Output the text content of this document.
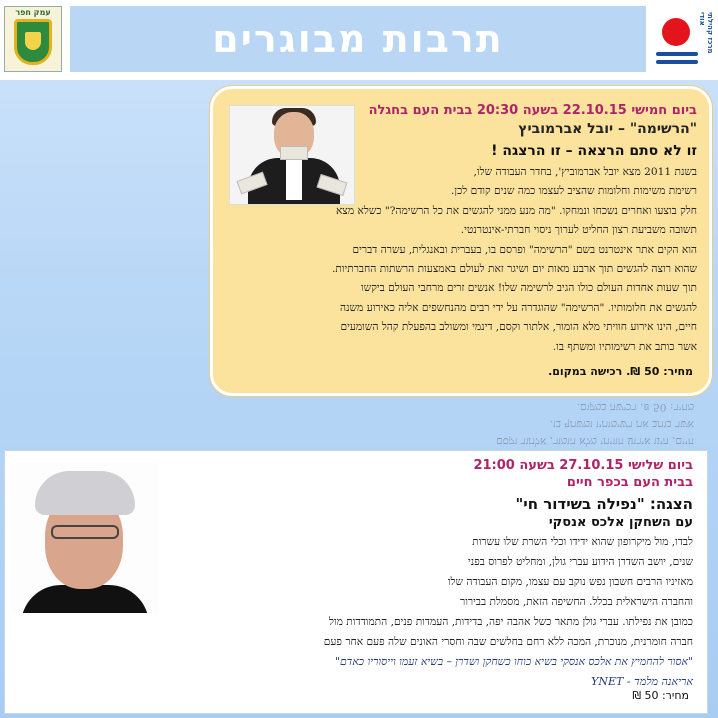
עמק חפר
תרבות מבוגרים	מרכז קהילתי אודי
ביום חמישי 22.10.15 בשעה 20:30 בבית העם בחגלה
"הרשימה" – יובל אברמוביץ
זו לא סתם הרצאה – זו הרצגה !
בשנת 2011 מצא יובל אברמוביץ', בחדר העבודה שלו,
רשימת משימות וחלומות שהציב לעצמו כמה שנים קודם לכן.
חלק בוצעו ואחרים נשכחו ונמחקו. "מה מנע ממני להגשים את כל הרשימה?" כשלא מצא
תשובה משביעת רצון החליט לערוך ניסוי חברתי-אינטרנטי.
הוא הקים אתר אינטרנט בשם "הרשימה" ופרסם בו, בעברית ובאנגלית, עשרה דברים
שהוא רוצה להגשים תוך ארבע מאות יום ושיגר זאת לעולם באמצעות הרשתות החברתיות.
תוך שעות אחדות העולם כולו הגיב לרשימה שלו! אנשים זרים מרחבי העולם ביקשו
להגשים את חלומותיו. "הרשימה" שהוגדרה על ידי רבים מהנחשפים אליה כאירוע משנה
חיים, הינו אירוע חוויתי מלא הומור, אלתור וקסם, דינמי ומשולב בהפעלת קהל השומעים
אשר כותב את רשימותיו ומשתף בו.
מחיר: 50 ₪. רכישה במקום.
חיים, הינו אירוע חוויתי מלא הומור, אלתור וקסם
אשר כותב את רשימותיו ומשתף בו.
מחיר: 50 ₪. רכישה במקום.
ביום שלישי 27.10.15 בשעה 21:00
בבית העם בכפר חיים
הצגה: "נפילה בשידור חי"
עם השחקן אלכס אנסקי
לבדו, מול מיקרופון שהוא ידידו וכלי השרת שלו עשרות
שנים, יושב השדרן הידוע עברי גולן, ומחליט לפרוס בפני
מאזיניו הרבים חשבון נפש נוקב עם עצמו, מקום העבודה שלו
והחברה הישראלית בכלל. החשיפה הזאת, מסמלת בבירור
כמובן את נפילתו. עברי גולן מתאר כשל אהבה יפה, בדידות, העמדות פנים, התמודדות מול
חברה חומרנית, מנוכרת, המכה ללא רחם בחלשים שבה וחסרי האונים שלה פעם אחר פעם
"אסור להחמיץ את אלכס אנסקי בשיא כוחו כשחקן ושדרן – בשיא זעמו וייסוריו כאדם"
אריאנה מלמד - YNET
מחיר: 50 ₪
